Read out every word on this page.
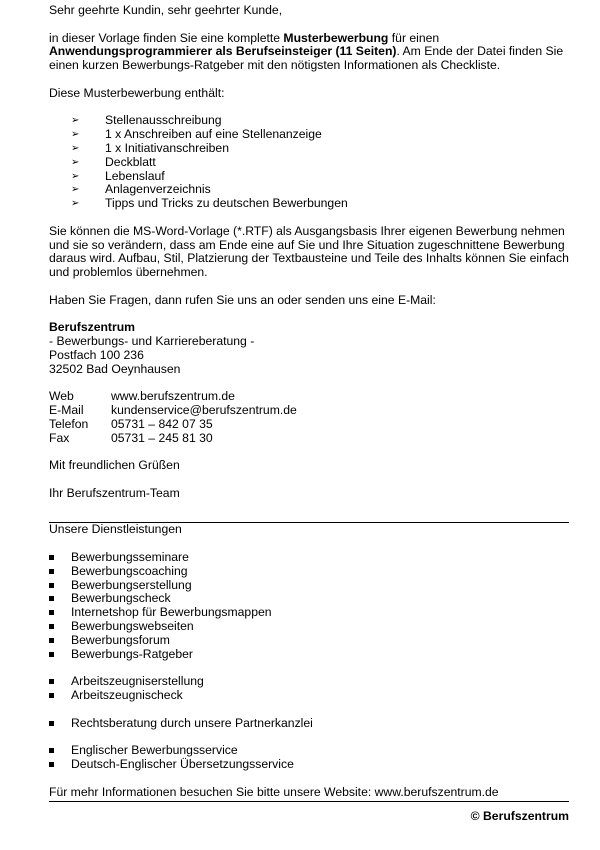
Sehr geehrte Kundin, sehr geehrter Kunde,

in dieser Vorlage finden Sie eine komplette Musterbewerbung für einen Anwendungsprogrammierer als Berufseinsteiger (11 Seiten). Am Ende der Datei finden Sie einen kurzen Bewerbungs-Ratgeber mit den nötigsten Informationen als Checkliste.

Diese Musterbewerbung enthält:

➢ Stellenausschreibung
➢ 1 x Anschreiben auf eine Stellenanzeige
➢ 1 x Initiativanschreiben
➢ Deckblatt
➢ Lebenslauf
➢ Anlagenverzeichnis
➢ Tipps und Tricks zu deutschen Bewerbungen

Sie können die MS-Word-Vorlage (*.RTF) als Ausgangsbasis Ihrer eigenen Bewerbung nehmen und sie so verändern, dass am Ende eine auf Sie und Ihre Situation zugeschnittene Bewerbung daraus wird. Aufbau, Stil, Platzierung der Textbausteine und Teile des Inhalts können Sie einfach und problemlos übernehmen.

Haben Sie Fragen, dann rufen Sie uns an oder senden uns eine E-Mail:

Berufszentrum

- Bewerbungs- und Karriereberatung -

Postfach 100 236

32502 Bad Oeynhausen

Web	www.berufszentrum.de
E-Mail	kundenservice@berufszentrum.de
Telefon	05731 – 842 07 35
Fax	05731 – 245 81 30

Mit freundlichen Grüßen

Ihr Berufszentrum-Team

Unsere Dienstleistungen

Bewerbungsseminare
Bewerbungscoaching
Bewerbungserstellung
Bewerbungscheck
Internetshop für Bewerbungsmappen
Bewerbungswebseiten
Bewerbungsforum
Bewerbungs-Ratgeber
Arbeitszeugniserstellung
Arbeitszeugnischeck
Rechtsberatung durch unsere Partnerkanzlei
Englischer Bewerbungsservice
Deutsch-Englischer Übersetzungsservice

Für mehr Informationen besuchen Sie bitte unsere Website: www.berufszentrum.de

© Berufszentrum
